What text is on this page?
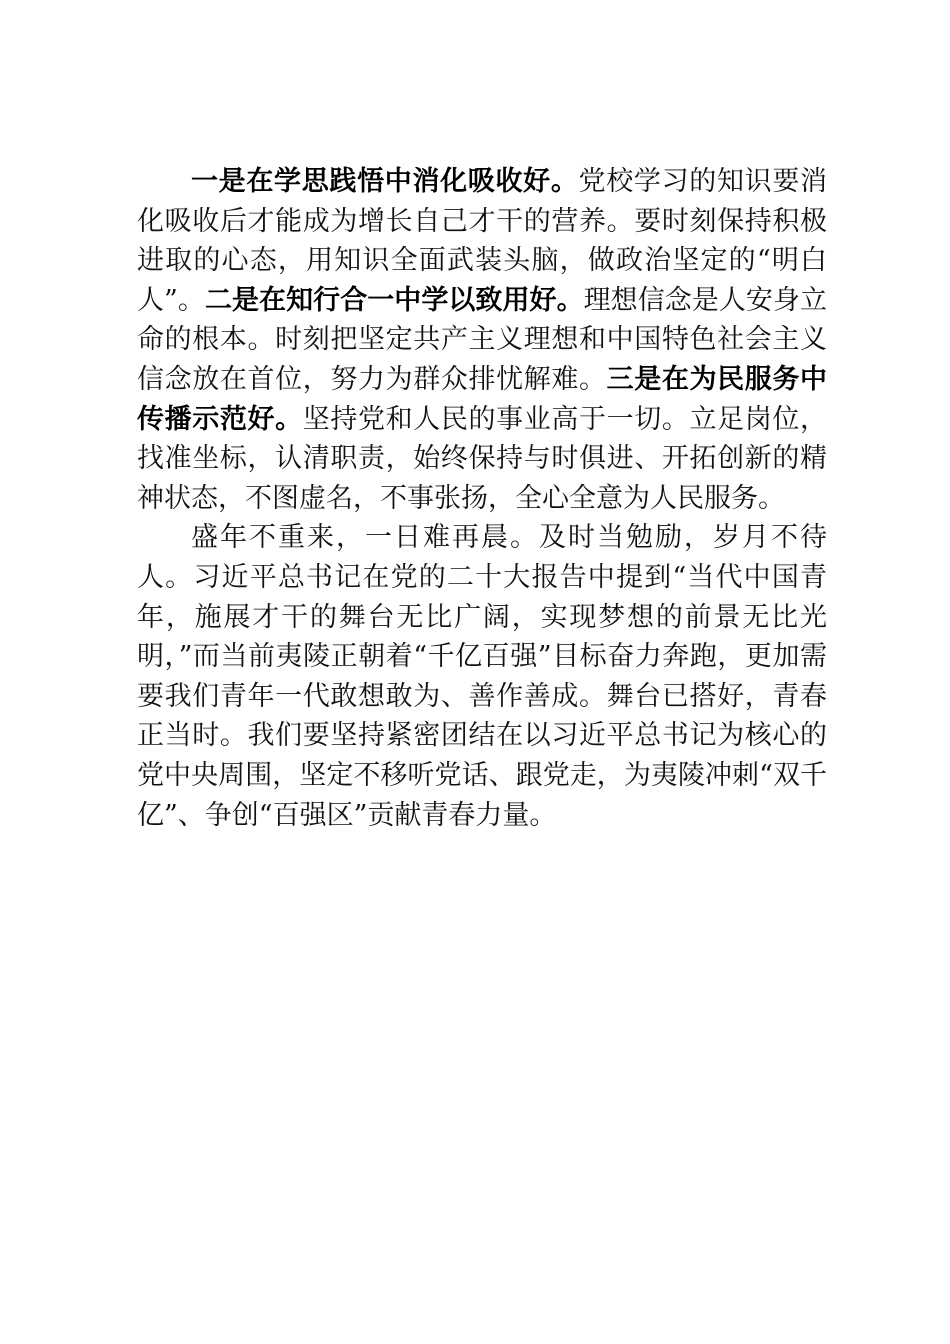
一是在学思践悟中消化吸收好。党校学习的知识要消化吸收后才能成为增长自己才干的营养。要时刻保持积极进取的心态，用知识全面武装头脑，做政治坚定的“明白人”。二是在知行合一中学以致用好。理想信念是人安身立命的根本。时刻把坚定共产主义理想和中国特色社会主义信念放在首位，努力为群众排忧解难。三是在为民服务中传播示范好。坚持党和人民的事业高于一切。立足岗位，找准坐标，认清职责，始终保持与时俱进、开拓创新的精神状态，不图虚名，不事张扬，全心全意为人民服务。

盛年不重来，一日难再晨。及时当勉励，岁月不待人。习近平总书记在党的二十大报告中提到“当代中国青年，施展才干的舞台无比广阔，实现梦想的前景无比光明，”而当前夷陵正朝着“千亿百强”目标奋力奔跑，更加需要我们青年一代敢想敢为、善作善成。舞台已搭好，青春正当时。我们要坚持紧密团结在以习近平总书记为核心的党中央周围，坚定不移听党话、跟党走，为夷陵冲刺“双千亿”、争创“百强区”贡献青春力量。
